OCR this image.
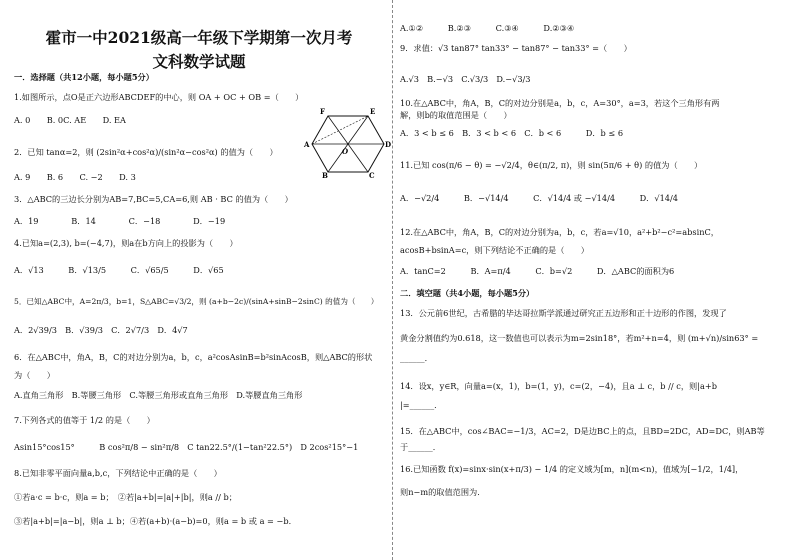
霍市一中2021级高一年级下学期第一次月考
文科数学试题
一．选择题（共12小题，每小题5分）
1.如图所示，点O是正六边形ABCDEF的中心，则 OA + OC + OB =（　　）
A. 0　　B. 0C. AE　　D. EA
2．已知 tanα=2，则 (2sin²α+cos²α)/(sin²α−cos²α) 的值为（　　）
A. 9　　B. 6　　C. −2　　D. 3
3．△ABC的三边长分别为AB=7,BC=5,CA=6,则 AB · BC 的值为（　　）
A．19　　　　B．14　　　　C．−18　　　　D．−19
4.已知a=(2,3), b=(−4,7)，则a在b方向上的投影为（　　）
A．√13　　　B．√13/5　　　C．√65/5　　　D．√65
5．已知△ABC中，A=2π/3，b=1，S△ABC=√3/2，则 (a+b−2c)/(sinA+sinB−2sinC) 的值为（　　）
A．2√39/3　B．√39/3　C．2√7/3　D．4√7
6．在△ABC中，角A，B，C的对边分别为a，b，c，a²cosAsinB=b²sinAcosB，则△ABC的形状
为（　　）
A.直角三角形　B.等腰三角形　C.等腰三角形或直角三角形　D.等腰直角三角形
7.下列各式的值等于 1/2 的是（　　）
Asin15°cos15°　　　B cos²π/8 − sin²π/8　C tan22.5°/(1−tan²22.5°)　D 2cos²15°−1
8.已知非零平面向量a,b,c，下列结论中正确的是（　　）
①若a·c = b·c，则a = b；　②若|a+b|=|a|+|b|，则a // b；
③若|a+b|=|a−b|，则a ⊥ b；④若(a+b)·(a−b)=0，则a = b 或 a = −b．
F	E
A	D
B	C
O
A.①②　　　B.②③　　　C.③④　　　D.②③④
9．求值：√3 tan87° tan33° − tan87° − tan33° =（　　）
A.√3　B.−√3　C.√3/3　D.−√3/3
10.在△ABC中，角A，B，C的对边分别是a，b，c，A=30°，a=3，若这个三角形有两
解，则b的取值范围是（　　）
A．3 < b ≤ 6　B．3 < b < 6　C．b < 6　　　D．b ≤ 6
11.已知 cos(π/6 − θ) = −√2/4，θ∈(π/2, π)，则 sin(5π/6 + θ) 的值为（　　）
A．−√2/4　　　B．−√14/4　　　C．√14/4 或 −√14/4　　　D．√14/4
12.在△ABC中，角A，B，C的对边分别为a，b，c，若a=√10，a²+b²−c²=absinC，
acosB+bsinA=c，则下列结论不正确的是（　　）
A．tanC=2　　　B．A=π/4　　　C．b=√2　　　D．△ABC的面积为6
二．填空题（共4小题，每小题5分）
13．公元前6世纪，古希腊的毕达哥拉斯学派通过研究正五边形和正十边形的作图，发现了
黄金分割值约为0.618，这一数值也可以表示为m=2sin18°，若m²+n=4，则 (m+√n)/sin63° =
______．
14．设x，y∈R，向量a=(x，1)，b=(1，y)，c=(2，−4)，且a ⊥ c，b // c，则|a+b
|=______．
15．在△ABC中，cos∠BAC=−1/3，AC=2，D是边BC上的点，且BD=2DC，AD=DC，则AB等
于______．
16.已知函数 f(x)=sinx·sin(x+π/3) − 1/4 的定义域为[m，n](m<n)，值域为[−1/2，1/4]，
则n−m的取值范围为．
